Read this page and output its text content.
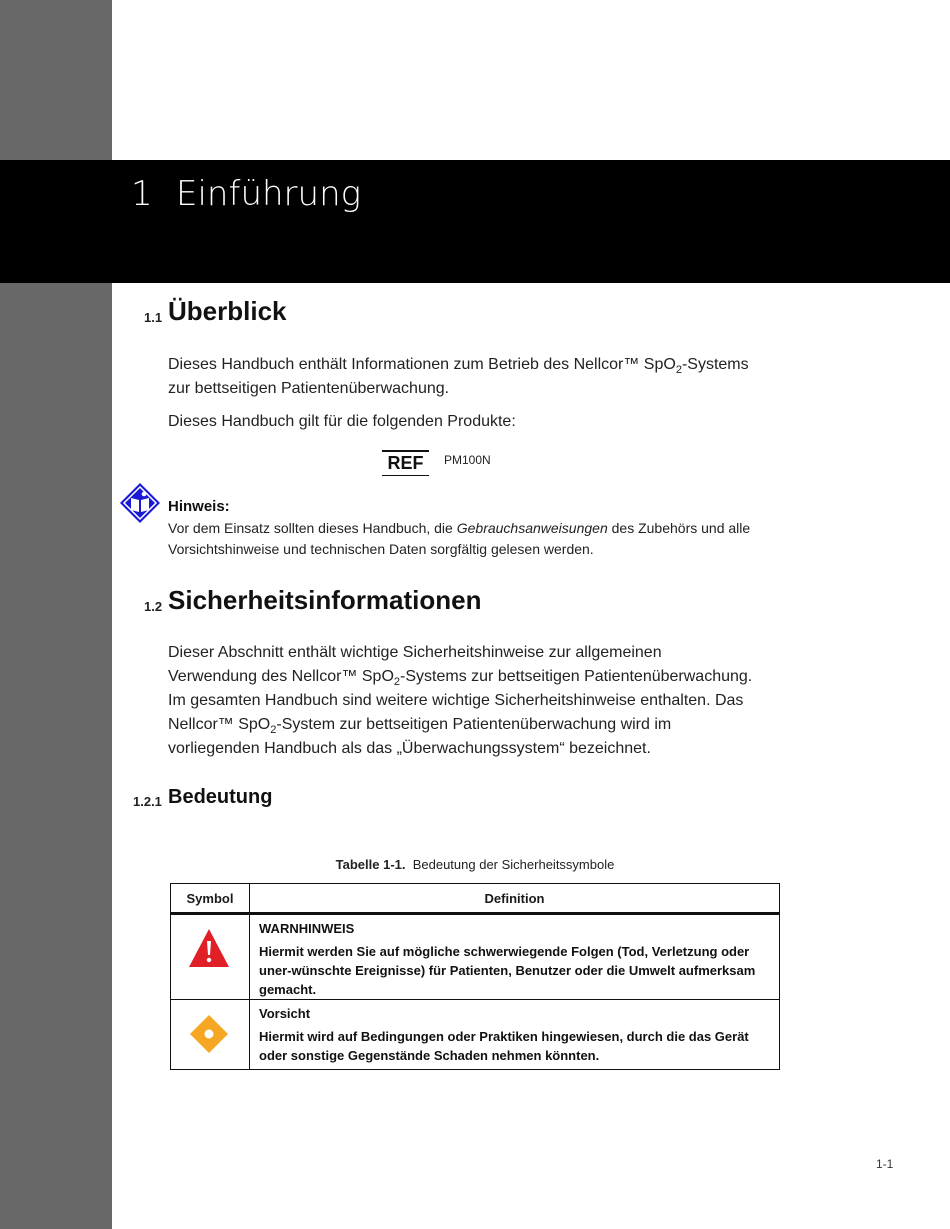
1 Einführung
1.1 Überblick
Dieses Handbuch enthält Informationen zum Betrieb des Nellcor™ SpO$_2$-Systems
zur bettseitigen Patientenüberwachung.
Dieses Handbuch gilt für die folgenden Produkte:
REF	PM100N
Hinweis:
Vor dem Einsatz sollten dieses Handbuch, die Gebrauchsanweisungen des Zubehörs und alle
Vorsichtshinweise und technischen Daten sorgfältig gelesen werden.
1.2 Sicherheitsinformationen
Dieser Abschnitt enthält wichtige Sicherheitshinweise zur allgemeinen
Verwendung des Nellcor™ SpO$_2$-Systems zur bettseitigen Patientenüberwachung.
Im gesamten Handbuch sind weitere wichtige Sicherheitshinweise enthalten. Das
Nellcor™ SpO$_2$-System zur bettseitigen Patientenüberwachung wird im
vorliegenden Handbuch als das „Überwachungssystem“ bezeichnet.
1.2.1 Bedeutung
Tabelle 1-1. Bedeutung der Sicherheitssymbole
Symbol	Definition

WARNHINWEIS
Hiermit werden Sie auf mögliche schwerwiegende Folgen (Tod, Verletzung oder uner-wünschte Ereignisse) für Patienten, Benutzer oder die Umwelt aufmerksam gemacht.

Vorsicht
Hiermit wird auf Bedingungen oder Praktiken hingewiesen, durch die das Gerät oder sonstige Gegenstände Schaden nehmen könnten.
1-1
